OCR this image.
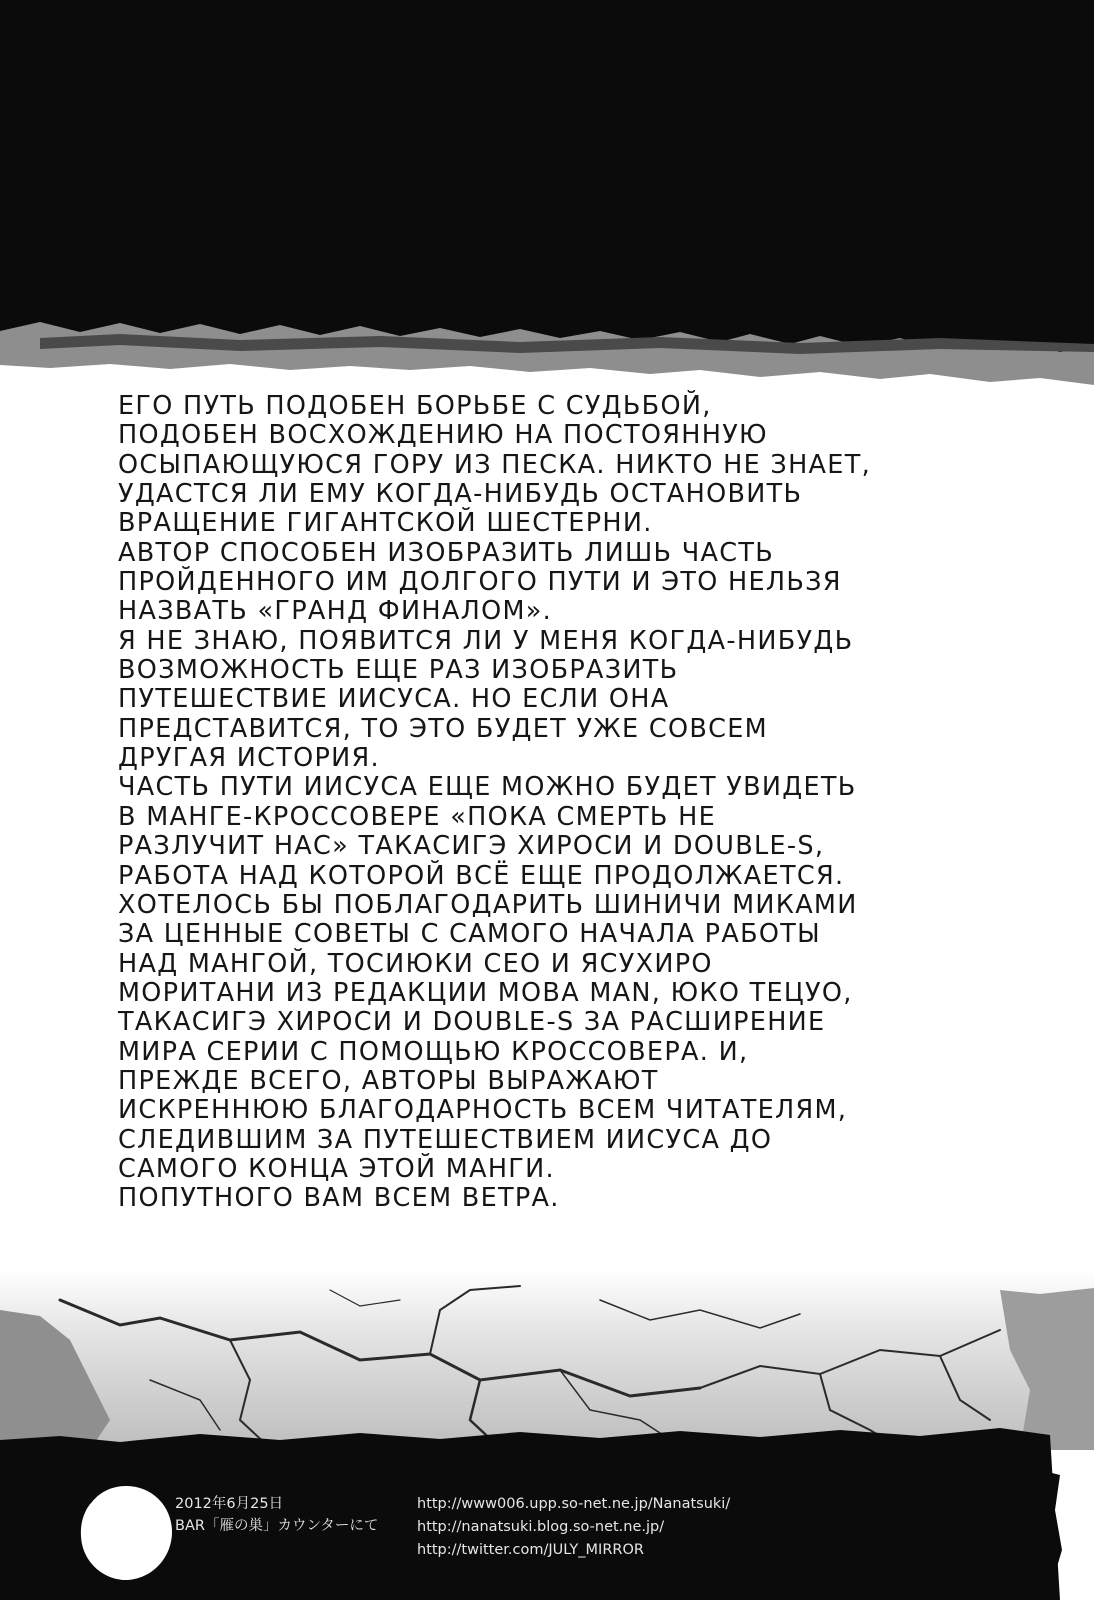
ЕГО ПУТЬ ПОДОБЕН БОРЬБЕ С СУДЬБОЙ,
ПОДОБЕН ВОСХОЖДЕНИЮ НА ПОСТОЯННУЮ
ОСЫПАЮЩУЮСЯ ГОРУ ИЗ ПЕСКА. НИКТО НЕ ЗНАЕТ,
УДАСТСЯ ЛИ ЕМУ КОГДА-НИБУДЬ ОСТАНОВИТЬ
ВРАЩЕНИЕ ГИГАНТСКОЙ ШЕСТЕРНИ.
АВТОР СПОСОБЕН ИЗОБРАЗИТЬ ЛИШЬ ЧАСТЬ
ПРОЙДЕННОГО ИМ ДОЛГОГО ПУТИ И ЭТО НЕЛЬЗЯ
НАЗВАТЬ «ГРАНД ФИНАЛОМ».
Я НЕ ЗНАЮ, ПОЯВИТСЯ ЛИ У МЕНЯ КОГДА-НИБУДЬ
ВОЗМОЖНОСТЬ ЕЩЕ РАЗ ИЗОБРАЗИТЬ
ПУТЕШЕСТВИЕ ИИСУСА. НО ЕСЛИ ОНА
ПРЕДСТАВИТСЯ, ТО ЭТО БУДЕТ УЖЕ СОВСЕМ
ДРУГАЯ ИСТОРИЯ.
ЧАСТЬ ПУТИ ИИСУСА ЕЩЕ МОЖНО БУДЕТ УВИДЕТЬ
В МАНГЕ-КРОССОВЕРЕ «ПОКА СМЕРТЬ НЕ
РАЗЛУЧИТ НАС» ТАКАСИГЭ ХИРОСИ И DOUBLE-S,
РАБОТА НАД КОТОРОЙ ВСЁ ЕЩЕ ПРОДОЛЖАЕТСЯ.
ХОТЕЛОСЬ БЫ ПОБЛАГОДАРИТЬ ШИНИЧИ МИКАМИ
ЗА ЦЕННЫЕ СОВЕТЫ С САМОГО НАЧАЛА РАБОТЫ
НАД МАНГОЙ, ТОСИЮКИ СЕО И ЯСУХИРО
МОРИТАНИ ИЗ РЕДАКЦИИ MOBA MAN, ЮКО ТЕЦУО,
ТАКАСИГЭ ХИРОСИ И DOUBLE-S ЗА РАСШИРЕНИЕ
МИРА СЕРИИ С ПОМОЩЬЮ КРОССОВЕРА. И,
ПРЕЖДЕ ВСЕГО, АВТОРЫ ВЫРАЖАЮТ
ИСКРЕННЮЮ БЛАГОДАРНОСТЬ ВСЕМ ЧИТАТЕЛЯМ,
СЛЕДИВШИМ ЗА ПУТЕШЕСТВИЕМ ИИСУСА ДО
САМОГО КОНЦА ЭТОЙ МАНГИ.
ПОПУТНОГО ВАМ ВСЕМ ВЕТРА.
2012年6月25日
BAR「雁の巣」カウンターにて
http://www006.upp.so-net.ne.jp/Nanatsuki/
http://nanatsuki.blog.so-net.ne.jp/
http://twitter.com/JULY_MIRROR
